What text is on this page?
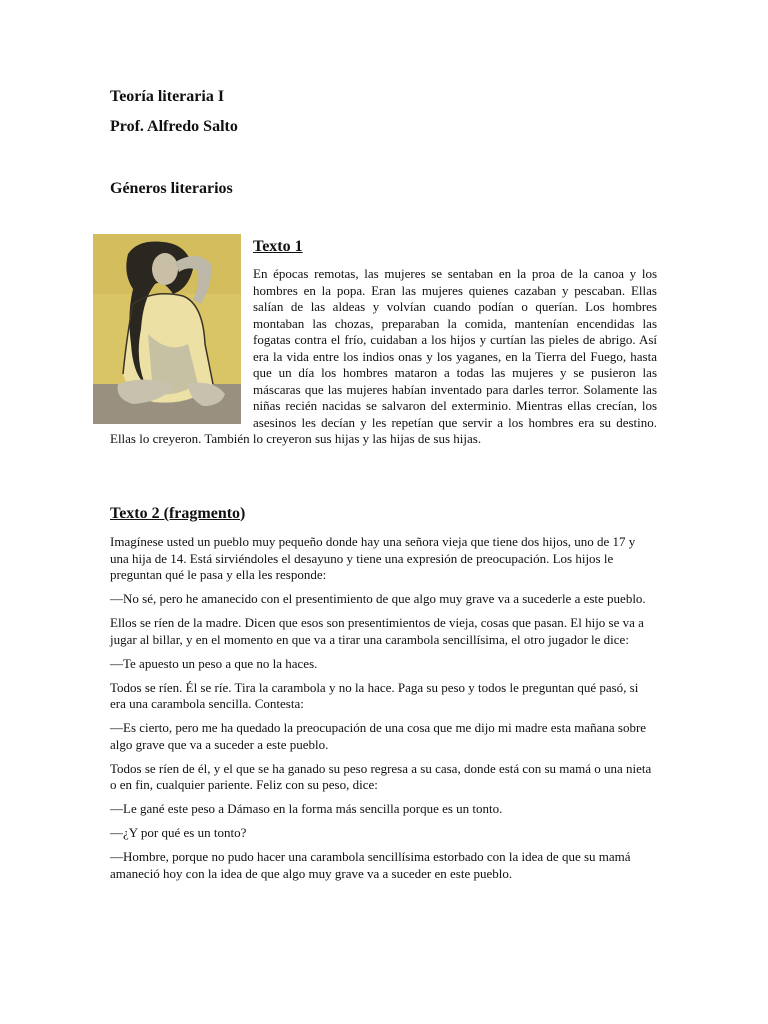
Teoría literaria I
Prof. Alfredo Salto
Géneros literarios
Texto 1

En épocas remotas, las mujeres se sentaban en la proa de la canoa y los hombres en la popa. Eran las mujeres quienes cazaban y pescaban. Ellas salían de las aldeas y volvían cuando podían o querían. Los hombres montaban las chozas, preparaban la comida, mantenían encendidas las fogatas contra el frío, cuidaban a los hijos y curtían las pieles de abrigo. Así era la vida entre los indios onas y los yaganes, en la Tierra del Fuego, hasta que un día los hombres mataron a todas las mujeres y se pusieron las máscaras que las mujeres habían inventado para darles terror. Solamente las niñas recién nacidas se salvaron del exterminio. Mientras ellas crecían, los asesinos les decían y les repetían que servir a los hombres era su destino. Ellas lo creyeron. También lo creyeron sus hijas y las hijas de sus hijas.

Texto 2 (fragmento)

Imagínese usted un pueblo muy pequeño donde hay una señora vieja que tiene dos hijos, uno de 17 y una hija de 14. Está sirviéndoles el desayuno y tiene una expresión de preocupación. Los hijos le preguntan qué le pasa y ella les responde:

—No sé, pero he amanecido con el presentimiento de que algo muy grave va a sucederle a este pueblo.

Ellos se ríen de la madre. Dicen que esos son presentimientos de vieja, cosas que pasan. El hijo se va a jugar al billar, y en el momento en que va a tirar una carambola sencillísima, el otro jugador le dice:

—Te apuesto un peso a que no la haces.

Todos se ríen. Él se ríe. Tira la carambola y no la hace. Paga su peso y todos le preguntan qué pasó, si era una carambola sencilla. Contesta:

—Es cierto, pero me ha quedado la preocupación de una cosa que me dijo mi madre esta mañana sobre algo grave que va a suceder a este pueblo.

Todos se ríen de él, y el que se ha ganado su peso regresa a su casa, donde está con su mamá o una nieta o en fin, cualquier pariente. Feliz con su peso, dice:

—Le gané este peso a Dámaso en la forma más sencilla porque es un tonto.

—¿Y por qué es un tonto?

—Hombre, porque no pudo hacer una carambola sencillísima estorbado con la idea de que su mamá amaneció hoy con la idea de que algo muy grave va a suceder en este pueblo.
